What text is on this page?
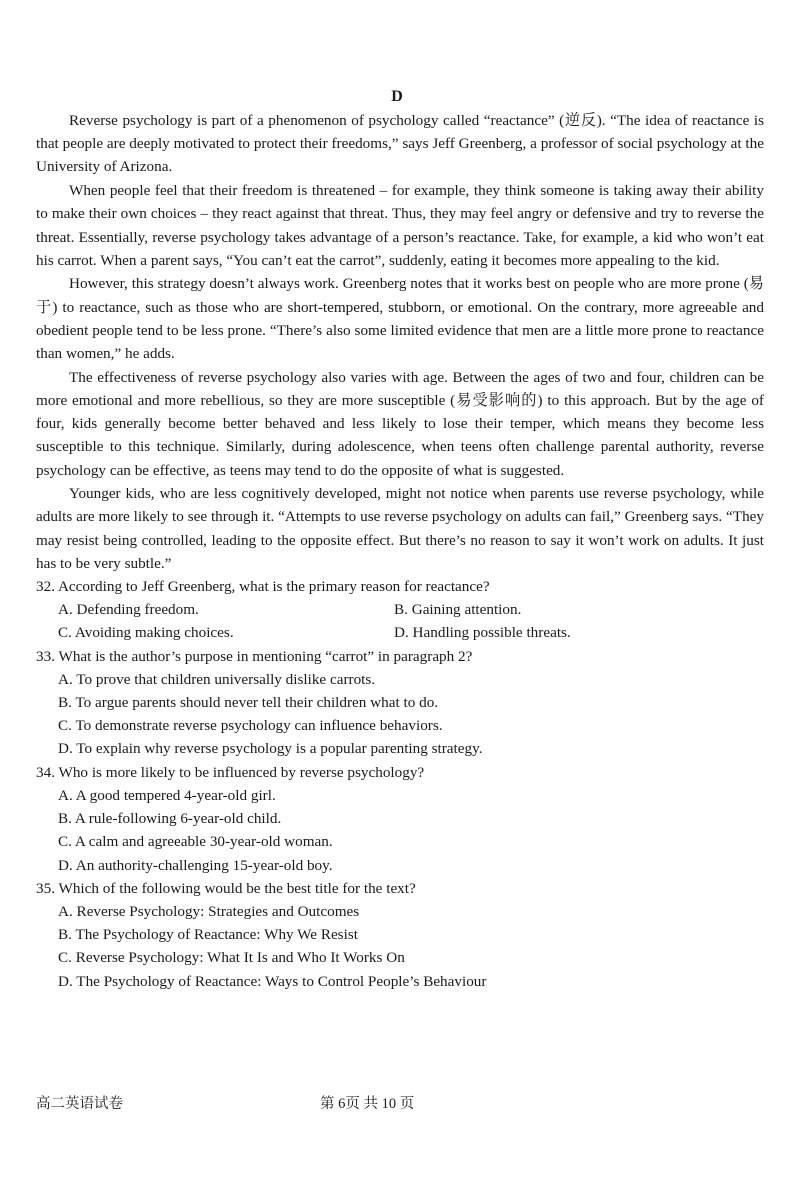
D

Reverse psychology is part of a phenomenon of psychology called “reactance” (逆反). “The idea of reactance is that people are deeply motivated to protect their freedoms,” says Jeff Greenberg, a professor of social psychology at the University of Arizona.

When people feel that their freedom is threatened – for example, they think someone is taking away their ability to make their own choices – they react against that threat. Thus, they may feel angry or defensive and try to reverse the threat. Essentially, reverse psychology takes advantage of a person’s reactance. Take, for example, a kid who won’t eat his carrot. When a parent says, “You can’t eat the carrot”, suddenly, eating it becomes more appealing to the kid.

However, this strategy doesn’t always work. Greenberg notes that it works best on people who are more prone (易于) to reactance, such as those who are short-tempered, stubborn, or emotional. On the contrary, more agreeable and obedient people tend to be less prone. “There’s also some limited evidence that men are a little more prone to reactance than women,” he adds.

The effectiveness of reverse psychology also varies with age. Between the ages of two and four, children can be more emotional and more rebellious, so they are more susceptible (易受影响的) to this approach. But by the age of four, kids generally become better behaved and less likely to lose their temper, which means they become less susceptible to this technique. Similarly, during adolescence, when teens often challenge parental authority, reverse psychology can be effective, as teens may tend to do the opposite of what is suggested.

Younger kids, who are less cognitively developed, might not notice when parents use reverse psychology, while adults are more likely to see through it. “Attempts to use reverse psychology on adults can fail,” Greenberg says. “They may resist being controlled, leading to the opposite effect. But there’s no reason to say it won’t work on adults. It just has to be very subtle.”

32. According to Jeff Greenberg, what is the primary reason for reactance?

A. Defending freedom.	B. Gaining attention.
C. Avoiding making choices.	D. Handling possible threats.

33. What is the author’s purpose in mentioning “carrot” in paragraph 2?

A. To prove that children universally dislike carrots.

B. To argue parents should never tell their children what to do.

C. To demonstrate reverse psychology can influence behaviors.

D. To explain why reverse psychology is a popular parenting strategy.

34. Who is more likely to be influenced by reverse psychology?

A. A good tempered 4-year-old girl.

B. A rule-following 6-year-old child.

C. A calm and agreeable 30-year-old woman.

D. An authority-challenging 15-year-old boy.

35. Which of the following would be the best title for the text?

A. Reverse Psychology: Strategies and Outcomes

B. The Psychology of Reactance: Why We Resist

C. Reverse Psychology: What It Is and Who It Works On

D. The Psychology of Reactance: Ways to Control People’s Behaviour

高二英语试卷	第 6页 共 10 页
